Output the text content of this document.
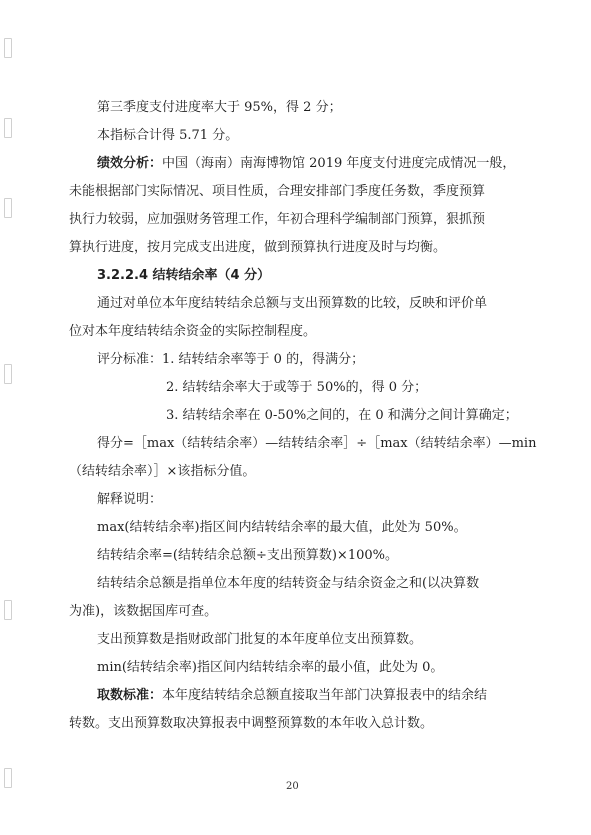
第三季度支付进度率大于 95%，得 2 分；
本指标合计得 5.71 分。
绩效分析：中国（海南）南海博物馆 2019 年度支付进度完成情况一般，
未能根据部门实际情况、项目性质，合理安排部门季度任务数，季度预算
执行力较弱，应加强财务管理工作，年初合理科学编制部门预算，狠抓预
算执行进度，按月完成支出进度，做到预算执行进度及时与均衡。
3.2.2.4 结转结余率（4 分）
通过对单位本年度结转结余总额与支出预算数的比较，反映和评价单
位对本年度结转结余资金的实际控制程度。
评分标准：1. 结转结余率等于 0 的，得满分；
2. 结转结余率大于或等于 50%的，得 0 分；
3. 结转结余率在 0-50%之间的，在 0 和满分之间计算确定；
得分=［max（结转结余率）—结转结余率］÷［max（结转结余率）—min
（结转结余率）］×该指标分值。
解释说明：
max(结转结余率)指区间内结转结余率的最大值，此处为 50%。
结转结余率=(结转结余总额÷支出预算数)×100%。
结转结余总额是指单位本年度的结转资金与结余资金之和(以决算数
为准)，该数据国库可查。
支出预算数是指财政部门批复的本年度单位支出预算数。
min(结转结余率)指区间内结转结余率的最小值，此处为 0。
取数标准：本年度结转结余总额直接取当年部门决算报表中的结余结
转数。支出预算数取决算报表中调整预算数的本年收入总计数。
20
